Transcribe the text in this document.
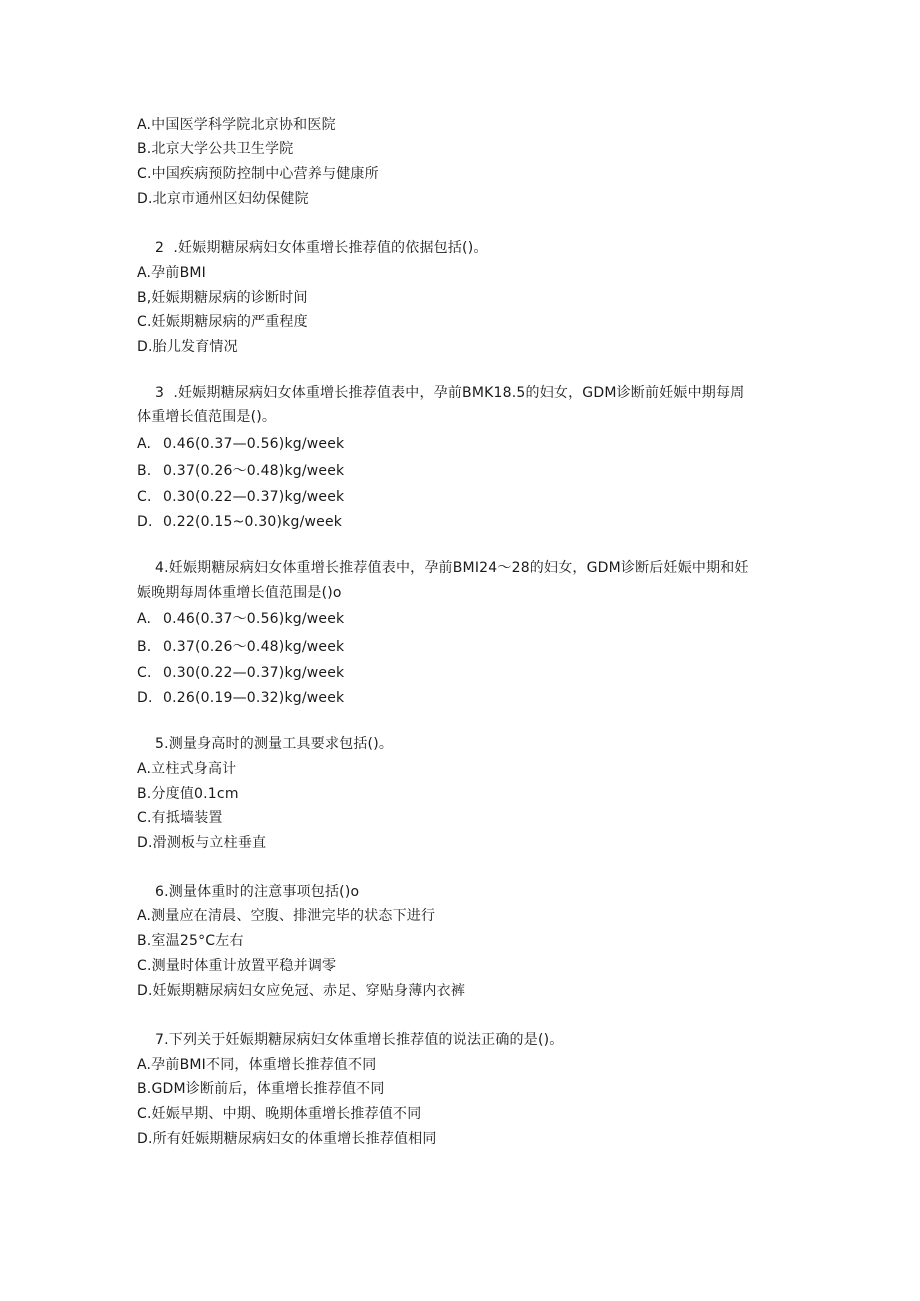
A.中国医学科学院北京协和医院
B.北京大学公共卫生学院
C.中国疾病预防控制中心营养与健康所
D.北京市通州区妇幼保健院
2  .妊娠期糖尿病妇女体重增长推荐值的依据包括()。
A.孕前BMI
B,妊娠期糖尿病的诊断时间
C.妊娠期糖尿病的严重程度
D.胎儿发育情况
3  .妊娠期糖尿病妇女体重增长推荐值表中，孕前BMK18.5的妇女，GDM诊断前妊娠中期每周
体重增长值范围是()。
A. 0.46(0.37—0.56)kg/week
B. 0.37(0.26〜0.48)kg/week
C. 0.30(0.22—0.37)kg/week
D. 0.22(0.15~0.30)kg/week
4.妊娠期糖尿病妇女体重增长推荐值表中，孕前BMI24〜28的妇女，GDM诊断后妊娠中期和妊
娠晚期每周体重增长值范围是()o
A. 0.46(0.37〜0.56)kg/week
B. 0.37(0.26〜0.48)kg/week
C. 0.30(0.22—0.37)kg/week
D. 0.26(0.19—0.32)kg/week
5.测量身高时的测量工具要求包括()。
A.立柱式身高计
B.分度值0.1cm
C.有抵墙装置
D.滑测板与立柱垂直
6.测量体重时的注意事项包括()o
A.测量应在清晨、空腹、排泄完毕的状态下进行
B.室温25°C左右
C.测量时体重计放置平稳并调零
D.妊娠期糖尿病妇女应免冠、赤足、穿贴身薄内衣裤
7.下列关于妊娠期糖尿病妇女体重增长推荐值的说法正确的是()。
A.孕前BMI不同，体重增长推荐值不同
B.GDM诊断前后，体重增长推荐值不同
C.妊娠早期、中期、晚期体重增长推荐值不同
D.所有妊娠期糖尿病妇女的体重增长推荐值相同
